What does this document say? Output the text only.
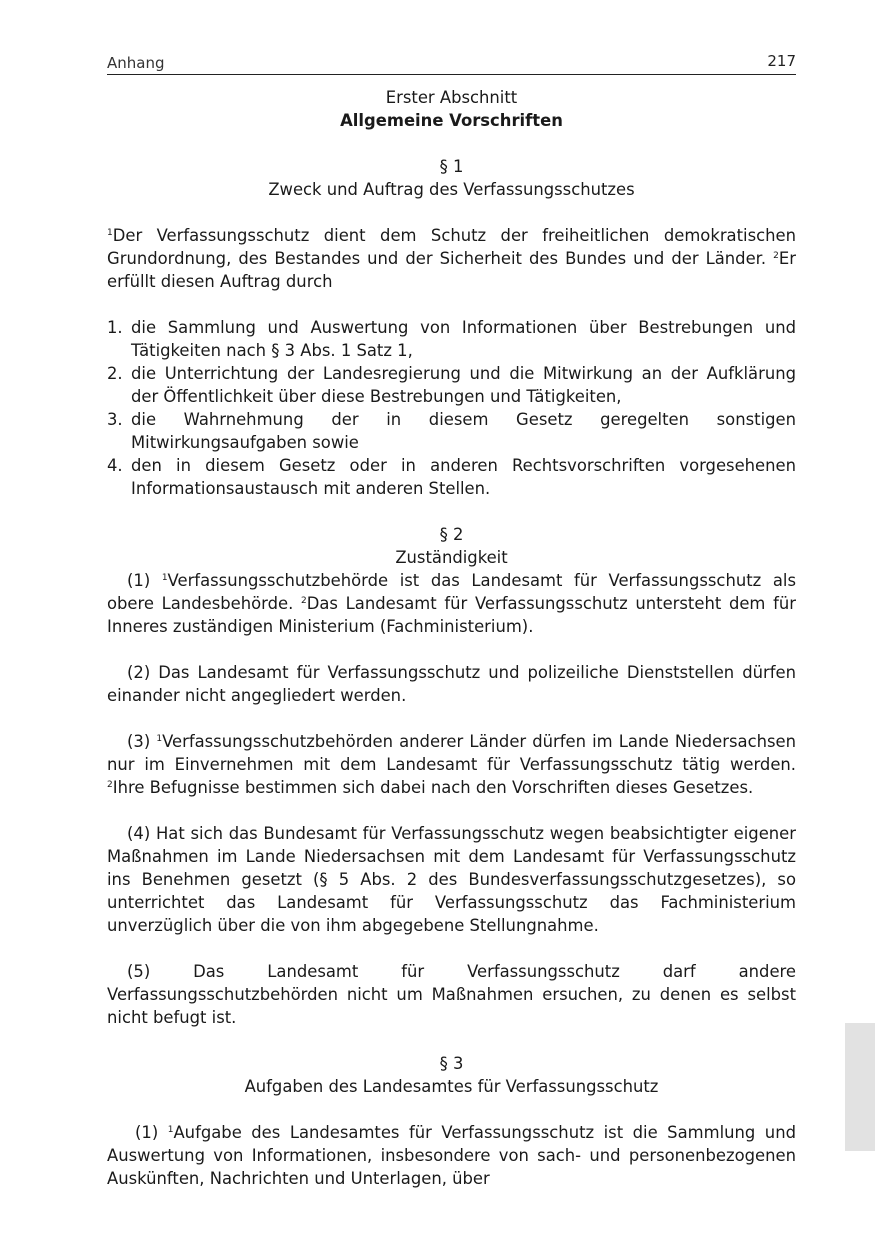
Anhang	217

Erster Abschnitt

Allgemeine Vorschriften

§ 1

Zweck und Auftrag des Verfassungsschutzes

$^1$Der Verfassungsschutz dient dem Schutz der freiheitlichen demokratischen Grundordnung, des Bestandes und der Sicherheit des Bundes und der Länder. $^2$Er erfüllt diesen Auftrag durch

1. die Sammlung und Auswertung von Informationen über Bestrebungen und Tätigkeiten nach § 3 Abs. 1 Satz 1,
2. die Unterrichtung der Landesregierung und die Mitwirkung an der Aufklärung der Öffentlichkeit über diese Bestrebungen und Tätigkeiten,
3. die Wahrnehmung der in diesem Gesetz geregelten sonstigen Mitwirkungsaufgaben sowie
4. den in diesem Gesetz oder in anderen Rechtsvorschriften vorgesehenen Informationsaustausch mit anderen Stellen.

§ 2

Zuständigkeit

(1) $^1$Verfassungsschutzbehörde ist das Landesamt für Verfassungsschutz als obere Landesbehörde. $^2$Das Landesamt für Verfassungsschutz untersteht dem für Inneres zuständigen Ministerium (Fachministerium).

(2) Das Landesamt für Verfassungsschutz und polizeiliche Dienststellen dürfen einander nicht angegliedert werden.

(3) $^1$Verfassungsschutzbehörden anderer Länder dürfen im Lande Niedersachsen nur im Einvernehmen mit dem Landesamt für Verfassungsschutz tätig werden. $^2$Ihre Befugnisse bestimmen sich dabei nach den Vorschriften dieses Gesetzes.

(4) Hat sich das Bundesamt für Verfassungsschutz wegen beabsichtigter eigener Maßnahmen im Lande Niedersachsen mit dem Landesamt für Verfassungsschutz ins Benehmen gesetzt (§ 5 Abs. 2 des Bundesverfassungsschutzgesetzes), so unterrichtet das Landesamt für Verfassungsschutz das Fachministerium unverzüglich über die von ihm abgegebene Stellungnahme.

(5) Das Landesamt für Verfassungsschutz darf andere Verfassungsschutzbehörden nicht um Maßnahmen ersuchen, zu denen es selbst nicht befugt ist.

§ 3

Aufgaben des Landesamtes für Verfassungsschutz

(1) $^1$Aufgabe des Landesamtes für Verfassungsschutz ist die Sammlung und Auswertung von Informationen, insbesondere von sach- und personenbezogenen Auskünften, Nachrichten und Unterlagen, über
